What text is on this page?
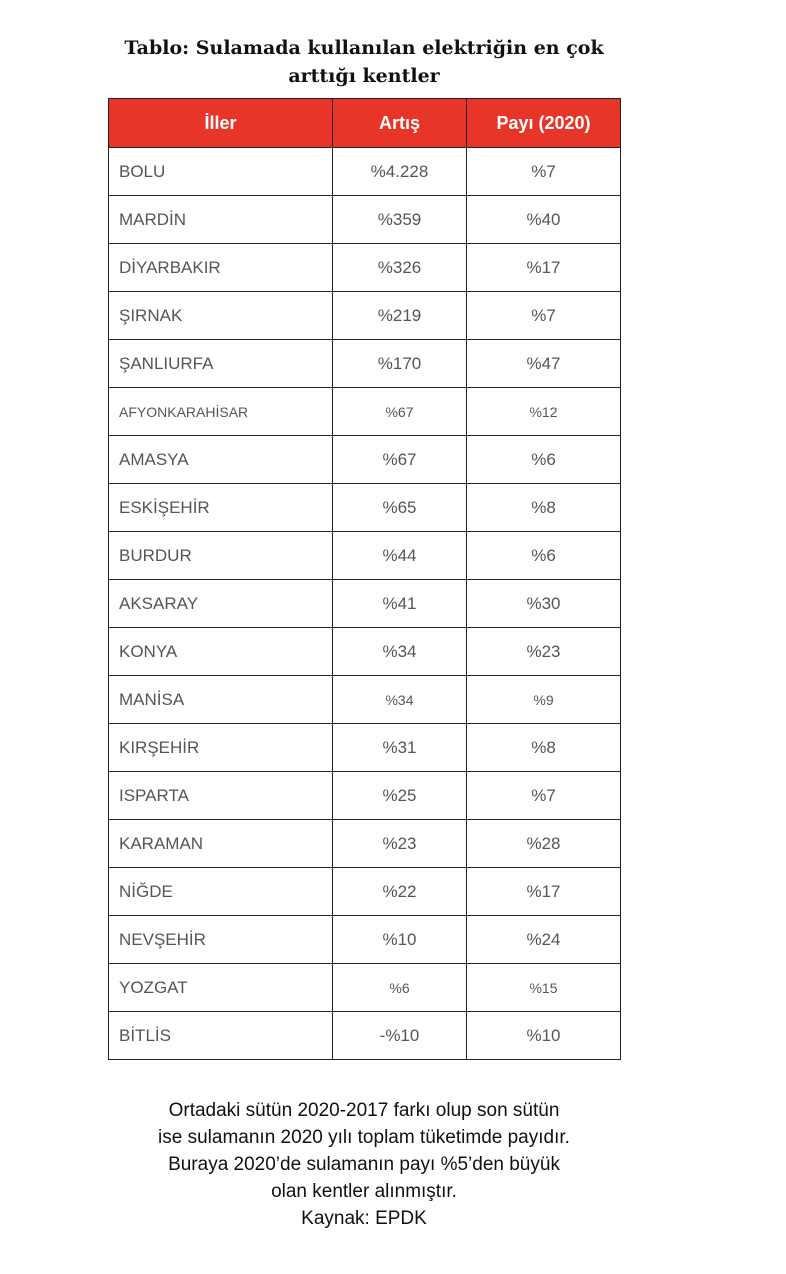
Tablo: Sulamada kullanılan elektriğin en çok
arttığı kentler
İller	Artış	Payı (2020)
BOLU	%4.228	%7
MARDİN	%359	%40
DİYARBAKIR	%326	%17
ŞIRNAK	%219	%7
ŞANLIURFA	%170	%47
AFYONKARAHİSAR	%67	%12
AMASYA	%67	%6
ESKİŞEHİR	%65	%8
BURDUR	%44	%6
AKSARAY	%41	%30
KONYA	%34	%23
MANİSA	%34	%9
KIRŞEHİR	%31	%8
ISPARTA	%25	%7
KARAMAN	%23	%28
NİĞDE	%22	%17
NEVŞEHİR	%10	%24
YOZGAT	%6	%15
BİTLİS	-%10	%10
Ortadaki sütün 2020-2017 farkı olup son sütün
ise sulamanın 2020 yılı toplam tüketimde payıdır.
Buraya 2020’de sulamanın payı %5’den büyük
olan kentler alınmıştır.
Kaynak: EPDK
